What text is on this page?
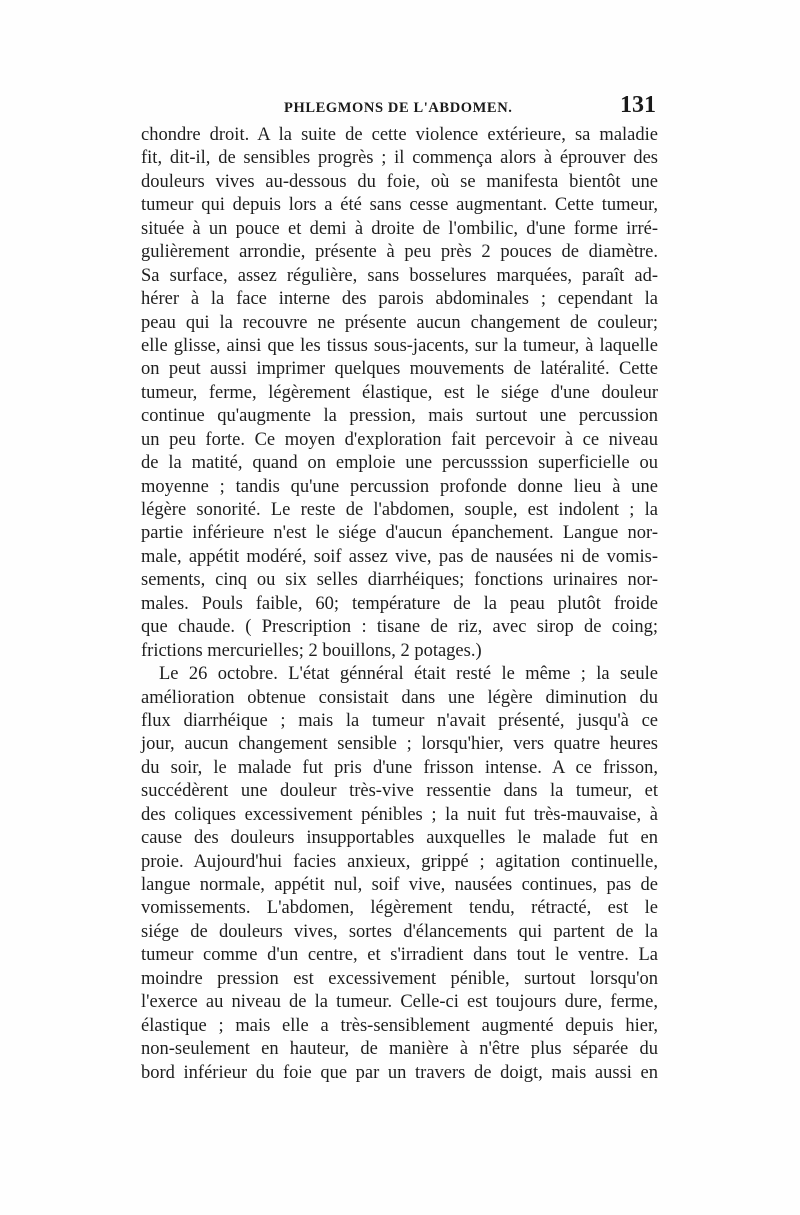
PHLEGMONS DE L'ABDOMEN.	131
chondre droit. A la suite de cette violence extérieure, sa maladie
fit, dit-il, de sensibles progrès ; il commença alors à éprouver des
douleurs vives au-dessous du foie, où se manifesta bientôt une
tumeur qui depuis lors a été sans cesse augmentant. Cette tumeur,
située à un pouce et demi à droite de l'ombilic, d'une forme irré-
gulièrement arrondie, présente à peu près 2 pouces de diamètre.
Sa surface, assez régulière, sans bosselures marquées, paraît ad-
hérer à la face interne des parois abdominales ; cependant la
peau qui la recouvre ne présente aucun changement de couleur;
elle glisse, ainsi que les tissus sous-jacents, sur la tumeur, à laquelle
on peut aussi imprimer quelques mouvements de latéralité. Cette
tumeur, ferme, légèrement élastique, est le siége d'une douleur
continue qu'augmente la pression, mais surtout une percussion
un peu forte. Ce moyen d'exploration fait percevoir à ce niveau
de la matité, quand on emploie une percusssion superficielle ou
moyenne ; tandis qu'une percussion profonde donne lieu à une
légère sonorité. Le reste de l'abdomen, souple, est indolent ; la
partie inférieure n'est le siége d'aucun épanchement. Langue nor-
male, appétit modéré, soif assez vive, pas de nausées ni de vomis-
sements, cinq ou six selles diarrhéiques; fonctions urinaires nor-
males. Pouls faible, 60; température de la peau plutôt froide
que chaude. ( Prescription : tisane de riz, avec sirop de coing;
frictions mercurielles; 2 bouillons, 2 potages.)
Le 26 octobre. L'état génnéral était resté le même ; la seule
amélioration obtenue consistait dans une légère diminution du
flux diarrhéique ; mais la tumeur n'avait présenté, jusqu'à ce
jour, aucun changement sensible ; lorsqu'hier, vers quatre heures
du soir, le malade fut pris d'une frisson intense. A ce frisson,
succédèrent une douleur très-vive ressentie dans la tumeur, et
des coliques excessivement pénibles ; la nuit fut très-mauvaise, à
cause des douleurs insupportables auxquelles le malade fut en
proie. Aujourd'hui facies anxieux, grippé ; agitation continuelle,
langue normale, appétit nul, soif vive, nausées continues, pas de
vomissements. L'abdomen, légèrement tendu, rétracté, est le
siége de douleurs vives, sortes d'élancements qui partent de la
tumeur comme d'un centre, et s'irradient dans tout le ventre. La
moindre pression est excessivement pénible, surtout lorsqu'on
l'exerce au niveau de la tumeur. Celle-ci est toujours dure, ferme,
élastique ; mais elle a très-sensiblement augmenté depuis hier,
non-seulement en hauteur, de manière à n'être plus séparée du
bord inférieur du foie que par un travers de doigt, mais aussi en
